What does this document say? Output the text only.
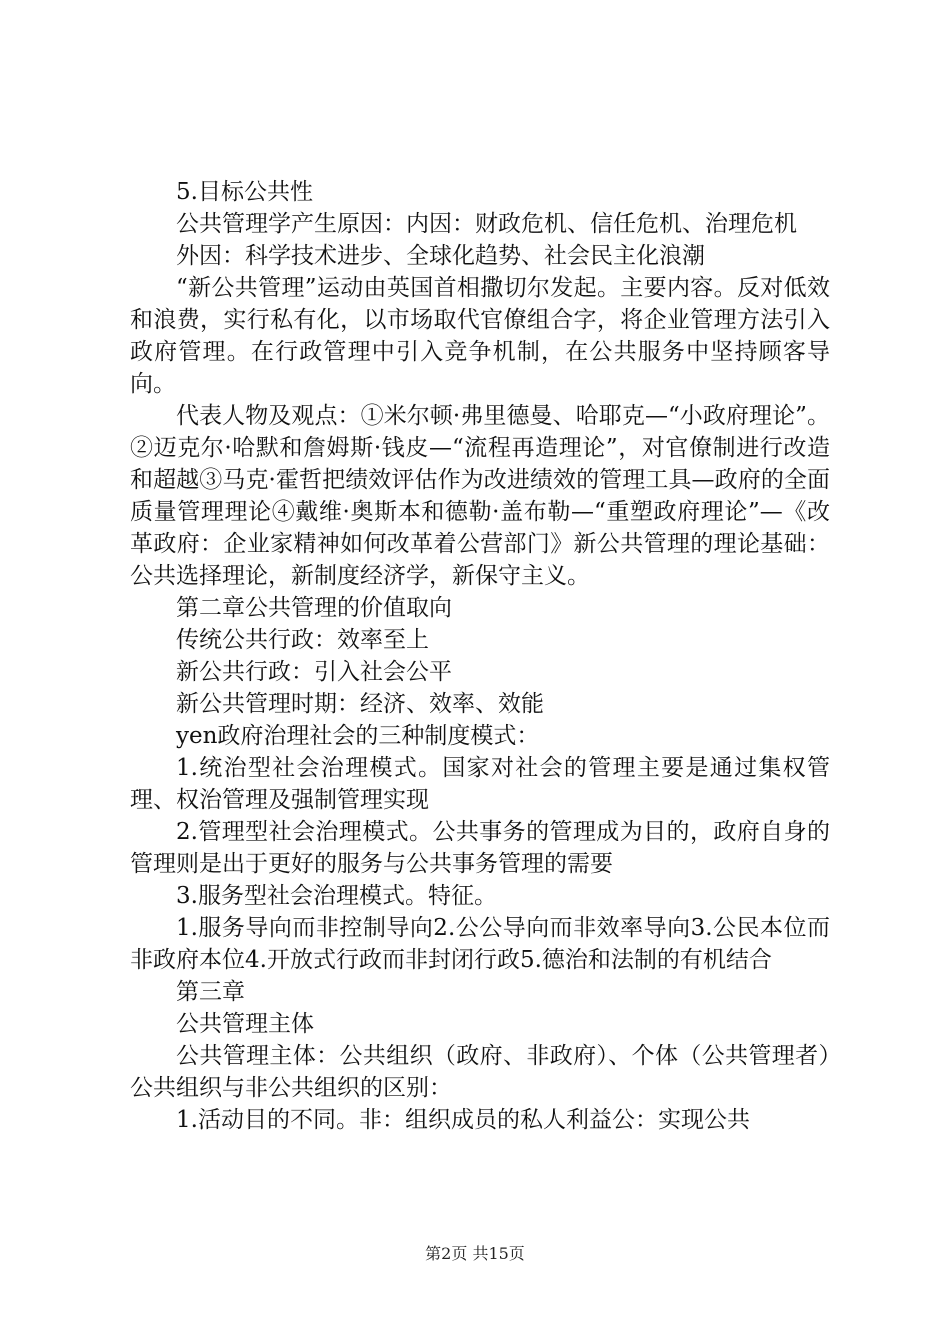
5.目标公共性

公共管理学产生原因：内因：财政危机、信任危机、治理危机

外因：科学技术进步、全球化趋势、社会民主化浪潮

“新公共管理”运动由英国首相撒切尔发起。主要内容。反对低效和浪费，实行私有化，以市场取代官僚组合字，将企业管理方法引入政府管理。在行政管理中引入竞争机制，在公共服务中坚持顾客导向。

代表人物及观点：①米尔顿·弗里德曼、哈耶克—“小政府理论”。②迈克尔·哈默和詹姆斯·钱皮—“流程再造理论”，对官僚制进行改造和超越③马克·霍哲把绩效评估作为改进绩效的管理工具—政府的全面质量管理理论④戴维·奥斯本和德勒·盖布勒—“重塑政府理论”—《改革政府：企业家精神如何改革着公营部门》新公共管理的理论基础：公共选择理论，新制度经济学，新保守主义。

第二章公共管理的价值取向

传统公共行政：效率至上

新公共行政：引入社会公平

新公共管理时期：经济、效率、效能

yen政府治理社会的三种制度模式：

1.统治型社会治理模式。国家对社会的管理主要是通过集权管理、权治管理及强制管理实现

2.管理型社会治理模式。公共事务的管理成为目的，政府自身的管理则是出于更好的服务与公共事务管理的需要

3.服务型社会治理模式。特征。

1.服务导向而非控制导向2.公公导向而非效率导向3.公民本位而非政府本位4.开放式行政而非封闭行政5.德治和法制的有机结合

第三章

公共管理主体

公共管理主体：公共组织（政府、非政府）、个体（公共管理者）公共组织与非公共组织的区别：

1.活动目的不同。非：组织成员的私人利益公：实现公共

第2页 共15页
